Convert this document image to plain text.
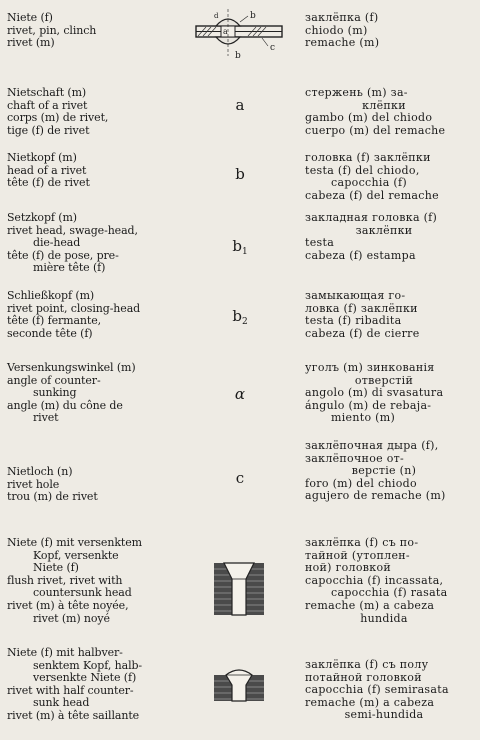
Niete (f)
rivet, pin, clinch
rivet (m)
b
a
b
c
d	заклёпка (f)
chiodo (m)
remache (m)
Nietschaft (m)
chaft of a rivet
corps (m) de rivet,
tige (f) de rivet
a
стержень (m) за-
клёпки
gambo (m) del chiodo
cuerpo (m) del remache
Nietkopf (m)
head of a rivet
tête (f) de rivet	b
головка (f) заклёпки
testa (f) del chiodo,
capocchia (f)
cabeza (f) del remache
Setzkopf (m)
rivet head, swage-head,
die-head
tête (f) de pose, pre-
mière tête (f)
$b_1$
закладная головка (f)
заклёпки
testa
cabeza (f) estampa
Schließkopf (m)
rivet point, closing-head
tête (f) fermante,
seconde tête (f)
$b_2$
замыкающая го-
ловка (f) заклёпки
testa (f) ribadita
cabeza (f) de cierre
Versenkungswinkel (m)
angle of counter-
sunking
angle (m) du cône de
rivet
α
уголъ (m) зинкованія
отверстій
angolo (m) di svasatura
ángulo (m) de rebaja-
miento (m)
Nietloch (n)
rivet hole
trou (m) de rivet
c
заклёпочная дыра (f),
заклёпочное от-
верстіе (n)
foro (m) del chiodo
agujero de remache (m)
Niete (f) mit versenktem
Kopf, versenkte
Niete (f)
flush rivet, rivet with
countersunk head
rivet (m) à tête noyée,
rivet (m) noyé
заклёпка (f) съ по-
тайной (утоплен-
ной) головкой
capocchia (f) incassata,
capocchia (f) rasata
remache (m) a cabeza
hundida
Niete (f) mit halbver-
senktem Kopf, halb-
versenkte Niete (f)
rivet with half counter-
sunk head
rivet (m) à tête saillante
заклёпка (f) съ полу
потайной головкой
capocchia (f) semirasata
remache (m) a cabeza
semi-hundida
